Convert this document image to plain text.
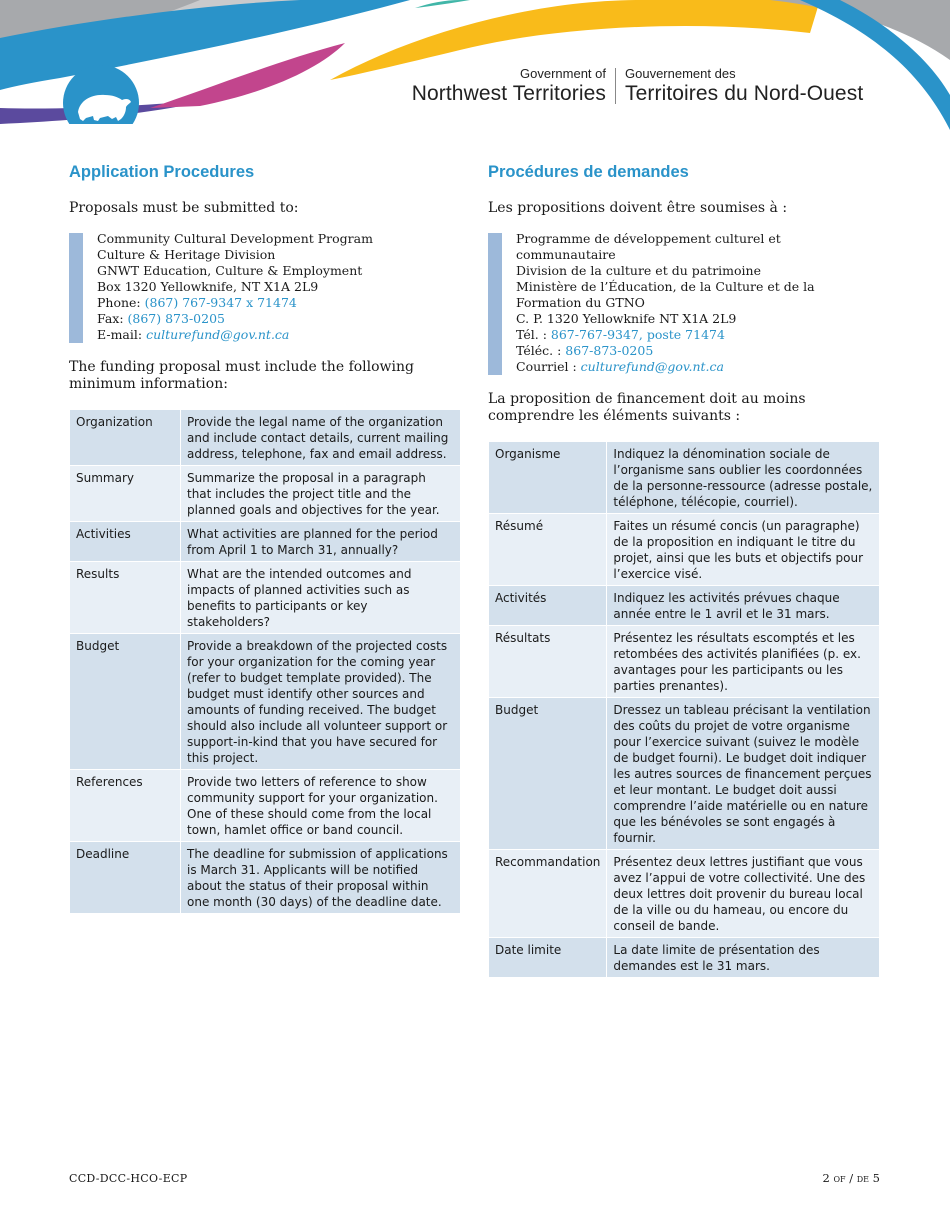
Government of
Northwest Territories
Gouvernement des
Territoires du Nord-Ouest
Application Procedures

Proposals must be submitted to:

Community Cultural Development Program
Culture & Heritage Division
GNWT Education, Culture & Employment
Box 1320 Yellowknife, NT X1A 2L9
Phone: (867) 767-9347 x 71474
Fax: (867) 873-0205
E-mail: culturefund@gov.nt.ca

The funding proposal must include the following minimum information:

Organization	Provide the legal name of the organization and include contact details, current mailing address, telephone, fax and email address.
Summary	Summarize the proposal in a paragraph that includes the project title and the planned goals and objectives for the year.
Activities	What activities are planned for the period from April 1 to March 31, annually?
Results	What are the intended outcomes and impacts of planned activities such as benefits to participants or key stakeholders?
Budget	Provide a breakdown of the projected costs for your organization for the coming year (refer to budget template provided). The budget must identify other sources and amounts of funding received. The budget should also include all volunteer support or support-in-kind that you have secured for this project.
References	Provide two letters of reference to show community support for your organization. One of these should come from the local town, hamlet office or band council.
Deadline	The deadline for submission of applications is March 31. Applicants will be notified about the status of their proposal within one month (30 days) of the deadline date.
Procédures de demandes

Les propositions doivent être soumises à :

Programme de développement culturel et communautaire
Division de la culture et du patrimoine
Ministère de l’Éducation, de la Culture et de la Formation du GTNO
C. P. 1320 Yellowknife NT X1A 2L9
Tél. : 867-767-9347, poste 71474
Téléc. : 867-873-0205
Courriel : culturefund@gov.nt.ca

La proposition de financement doit au moins comprendre les éléments suivants :

Organisme	Indiquez la dénomination sociale de l’organisme sans oublier les coordonnées de la personne-ressource (adresse postale, téléphone, télécopie, courriel).
Résumé	Faites un résumé concis (un paragraphe) de la proposition en indiquant le titre du projet, ainsi que les buts et objectifs pour l’exercice visé.
Activités	Indiquez les activités prévues chaque année entre le 1 avril et le 31 mars.
Résultats	Présentez les résultats escomptés et les retombées des activités planifiées (p. ex. avantages pour les participants ou les parties prenantes).
Budget	Dressez un tableau précisant la ventilation des coûts du projet de votre organisme pour l’exercice suivant (suivez le modèle de budget fourni). Le budget doit indiquer les autres sources de financement perçues et leur montant. Le budget doit aussi comprendre l’aide matérielle ou en nature que les bénévoles se sont engagés à fournir.
Recommandation	Présentez deux lettres justifiant que vous avez l’appui de votre collectivité. Une des deux lettres doit provenir du bureau local de la ville ou du hameau, ou encore du conseil de bande.
Date limite	La date limite de présentation des demandes est le 31 mars.
CCD-DCC-HCO-ECP	2 of / de 5
